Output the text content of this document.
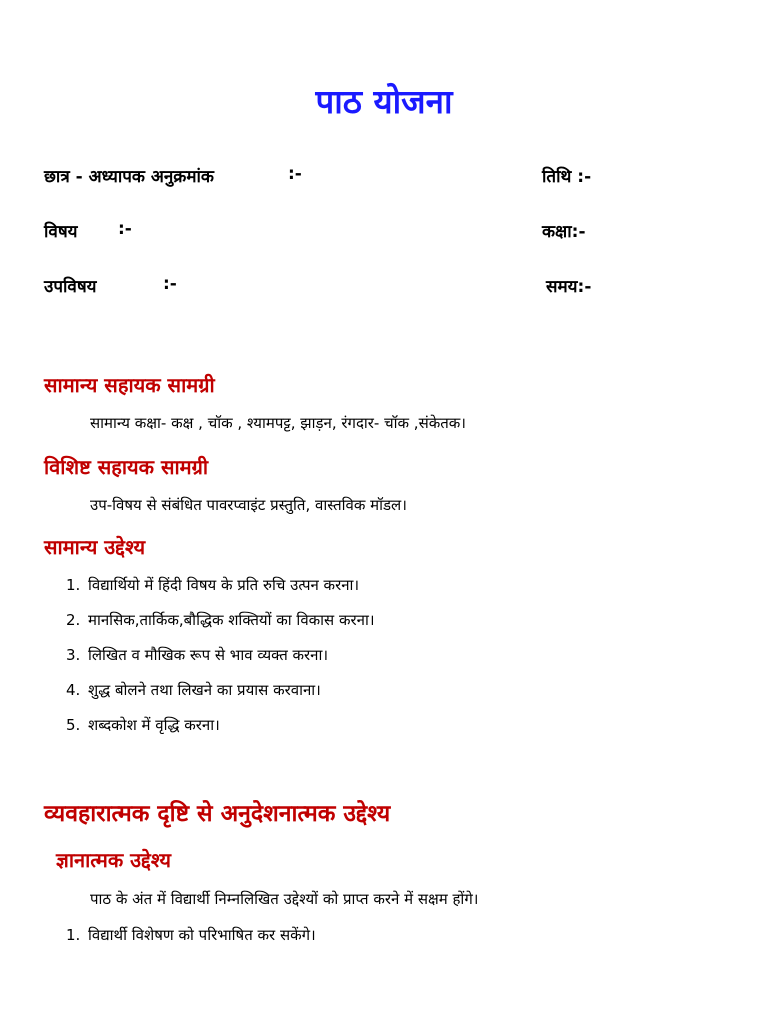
पाठ योजना
छात्र - अध्यापक अनुक्रमांक	:-	तिथि :-
विषय :-	कक्षा:-
उपविषय	:-	समय:-
सामान्य सहायक सामग्री
सामान्य कक्षा- कक्ष , चॉक , श्यामपट्ट, झाड़न, रंगदार- चॉक ,संकेतक।
विशिष्ट सहायक सामग्री
उप-विषय से संबंधित पावरप्वाइंट प्रस्तुति, वास्तविक मॉडल।
सामान्य उद्देश्य
1. विद्यार्थियो में हिंदी विषय के प्रति रुचि उत्पन करना।
2. मानसिक,तार्किक,बौद्धिक शक्तियों का विकास करना।
3. लिखित व मौखिक रूप से भाव व्यक्त करना।
4. शुद्ध बोलने तथा लिखने का प्रयास करवाना।
5. शब्दकोश में वृद्धि करना।
व्यवहारात्मक दृष्टि से अनुदेशनात्मक उद्देश्य
ज्ञानात्मक उद्देश्य
पाठ के अंत में विद्यार्थी निम्नलिखित उद्देश्यों को प्राप्त करने में सक्षम होंगे।
1. विद्यार्थी विशेषण को परिभाषित कर सकेंगे।
